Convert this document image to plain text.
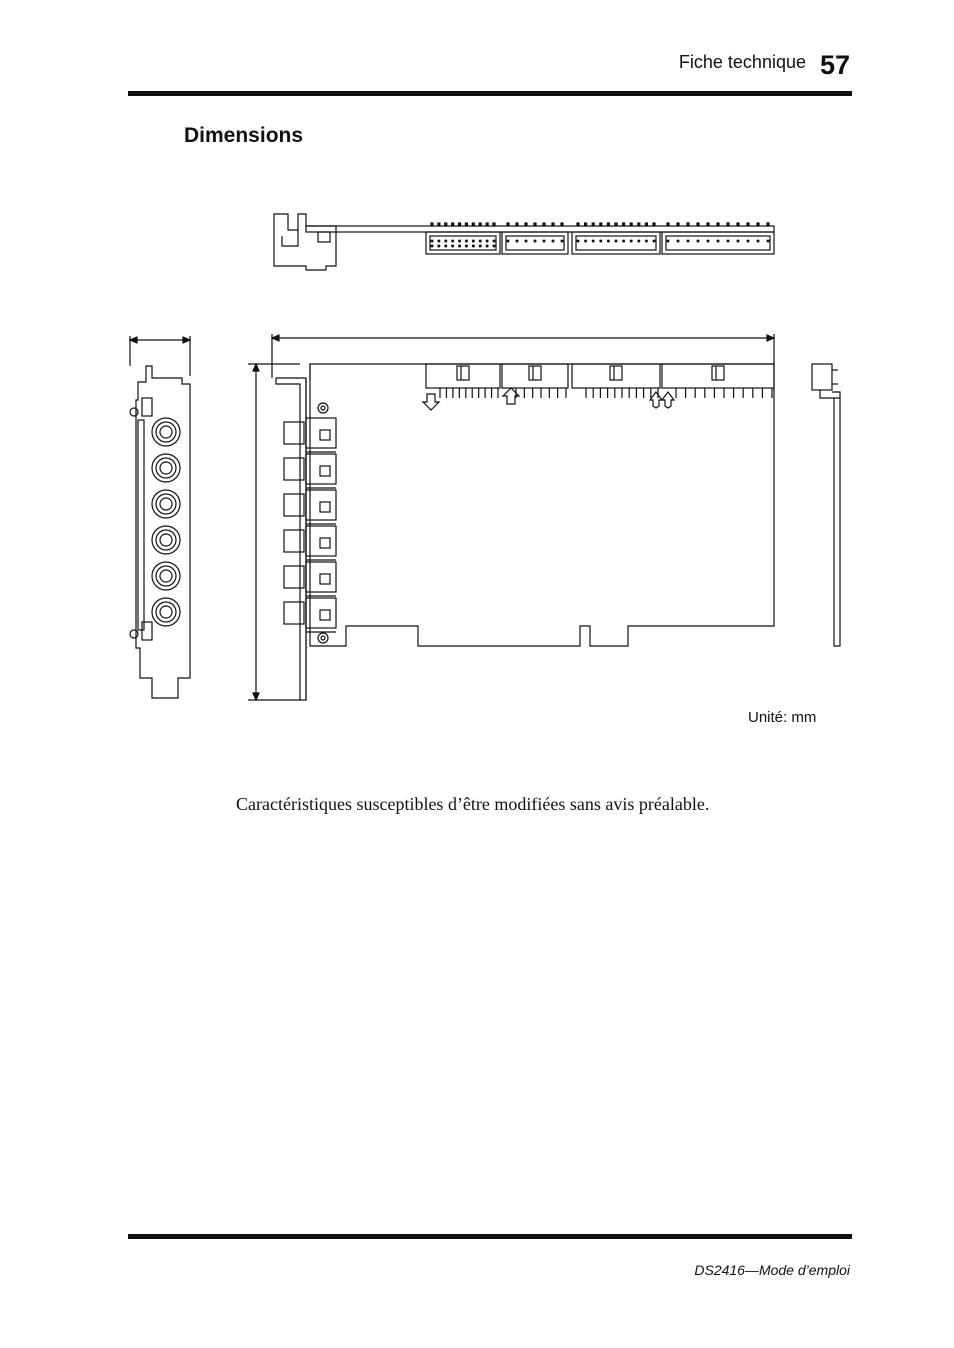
Fiche technique 57
Dimensions
Unité: mm
Caractéristiques susceptibles d’être modifiées sans avis préalable.
DS2416—Mode d’emploi
